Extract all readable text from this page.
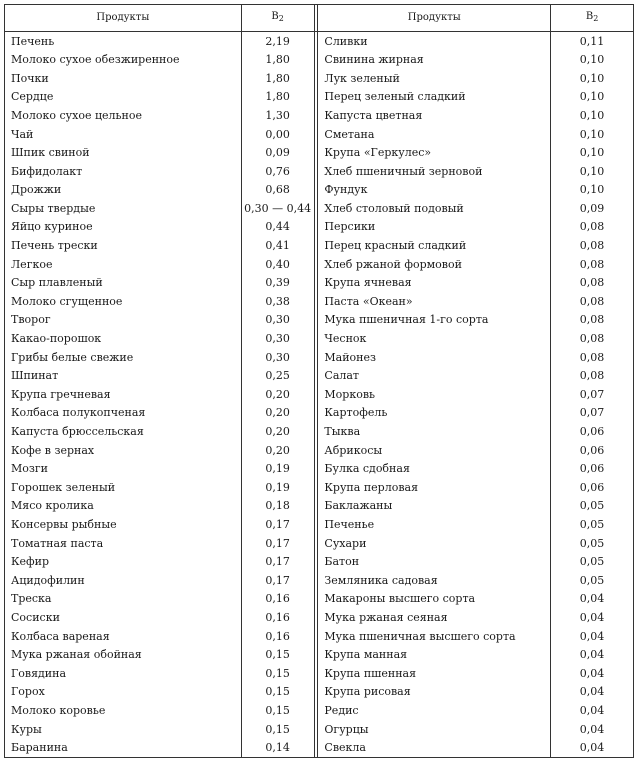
Продукты	$B_2$		Продукты	$B_2$
Печень	2,19		Сливки	0,11
Молоко сухое обезжиренное	1,80		Свинина жирная	0,10
Почки	1,80		Лук зеленый	0,10
Сердце	1,80		Перец зеленый сладкий	0,10
Молоко сухое цельное	1,30		Капуста цветная	0,10
Чай	0,00		Сметана	0,10
Шпик свиной	0,09		Крупа «Геркулес»	0,10
Бифидолакт	0,76		Хлеб пшеничный зерновой	0,10
Дрожжи	0,68		Фундук	0,10
Сыры твердые	0,30 — 0,44		Хлеб столовый подовый	0,09
Яйцо куриное	0,44		Персики	0,08
Печень трески	0,41		Перец красный сладкий	0,08
Легкое	0,40		Хлеб ржаной формовой	0,08
Сыр плавленый	0,39		Крупа ячневая	0,08
Молоко сгущенное	0,38		Паста «Океан»	0,08
Творог	0,30		Мука пшеничная 1-го сорта	0,08
Какао-порошок	0,30		Чеснок	0,08
Грибы белые свежие	0,30		Майонез	0,08
Шпинат	0,25		Салат	0,08
Крупа гречневая	0,20		Морковь	0,07
Колбаса полукопченая	0,20		Картофель	0,07
Капуста брюссельская	0,20		Тыква	0,06
Кофе в зернах	0,20		Абрикосы	0,06
Мозги	0,19		Булка сдобная	0,06
Горошек зеленый	0,19		Крупа перловая	0,06
Мясо кролика	0,18		Баклажаны	0,05
Консервы рыбные	0,17		Печенье	0,05
Томатная паста	0,17		Сухари	0,05
Кефир	0,17		Батон	0,05
Ацидофилин	0,17		Земляника садовая	0,05
Треска	0,16		Макароны высшего сорта	0,04
Сосиски	0,16		Мука ржаная сеяная	0,04
Колбаса вареная	0,16		Мука пшеничная высшего сорта	0,04
Мука ржаная обойная	0,15		Крупа манная	0,04
Говядина	0,15		Крупа пшенная	0,04
Горох	0,15		Крупа рисовая	0,04
Молоко коровье	0,15		Редис	0,04
Куры	0,15		Огурцы	0,04
Баранина	0,14		Свекла	0,04
